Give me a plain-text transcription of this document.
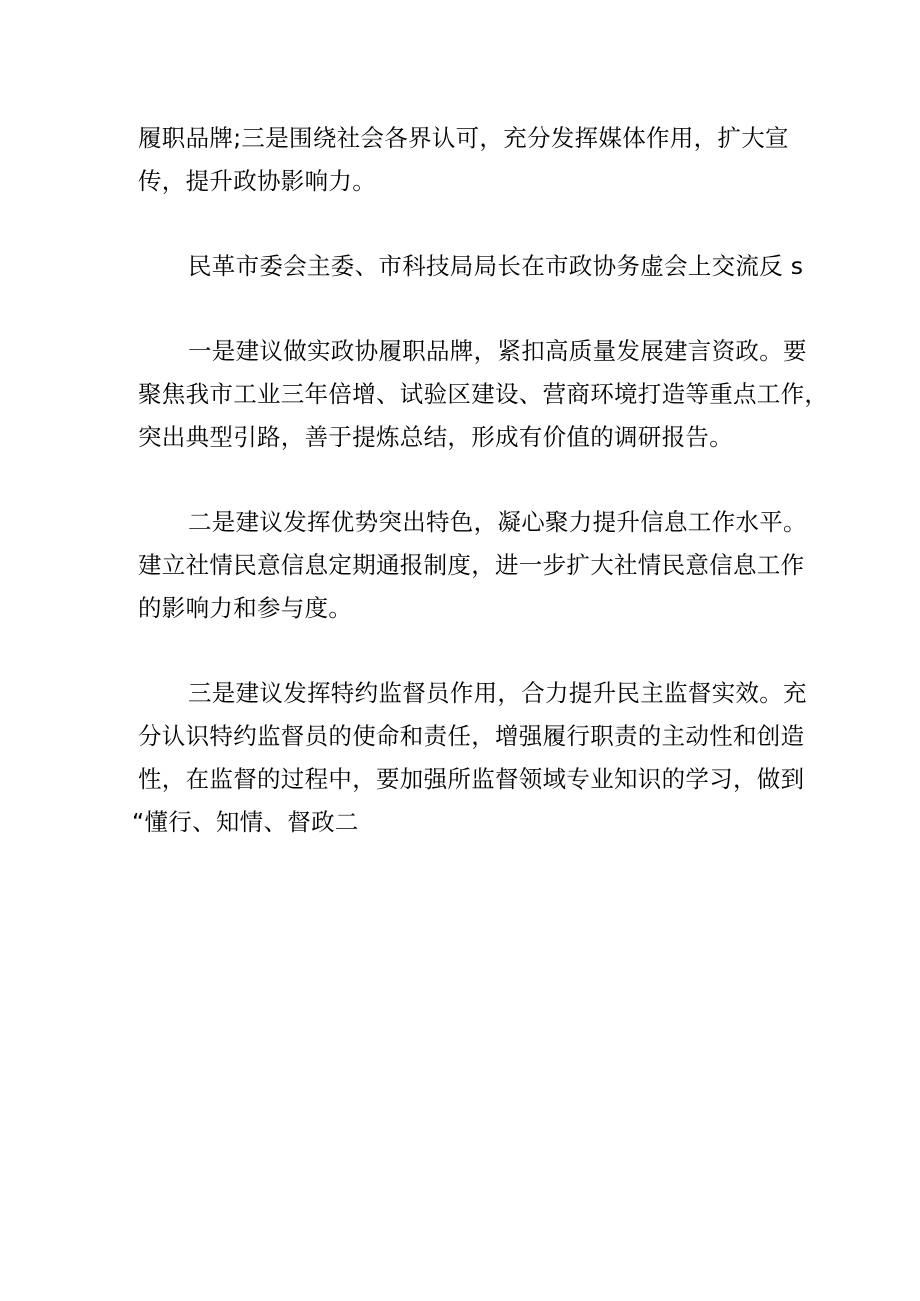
履职品牌;三是围绕社会各界认可，充分发挥媒体作用，扩大宣

传，提升政协影响力。

民革市委会主委、市科技局局长在市政协务虚会上交流反 s

一是建议做实政协履职品牌，紧扣高质量发展建言资政。要

聚焦我市工业三年倍增、试验区建设、营商环境打造等重点工作，

突出典型引路，善于提炼总结，形成有价值的调研报告。

二是建议发挥优势突出特色，凝心聚力提升信息工作水平。

建立社情民意信息定期通报制度，进一步扩大社情民意信息工作

的影响力和参与度。

三是建议发挥特约监督员作用，合力提升民主监督实效。充

分认识特约监督员的使命和责任，增强履行职责的主动性和创造

性，在监督的过程中，要加强所监督领域专业知识的学习，做到

“懂行、知情、督政二
